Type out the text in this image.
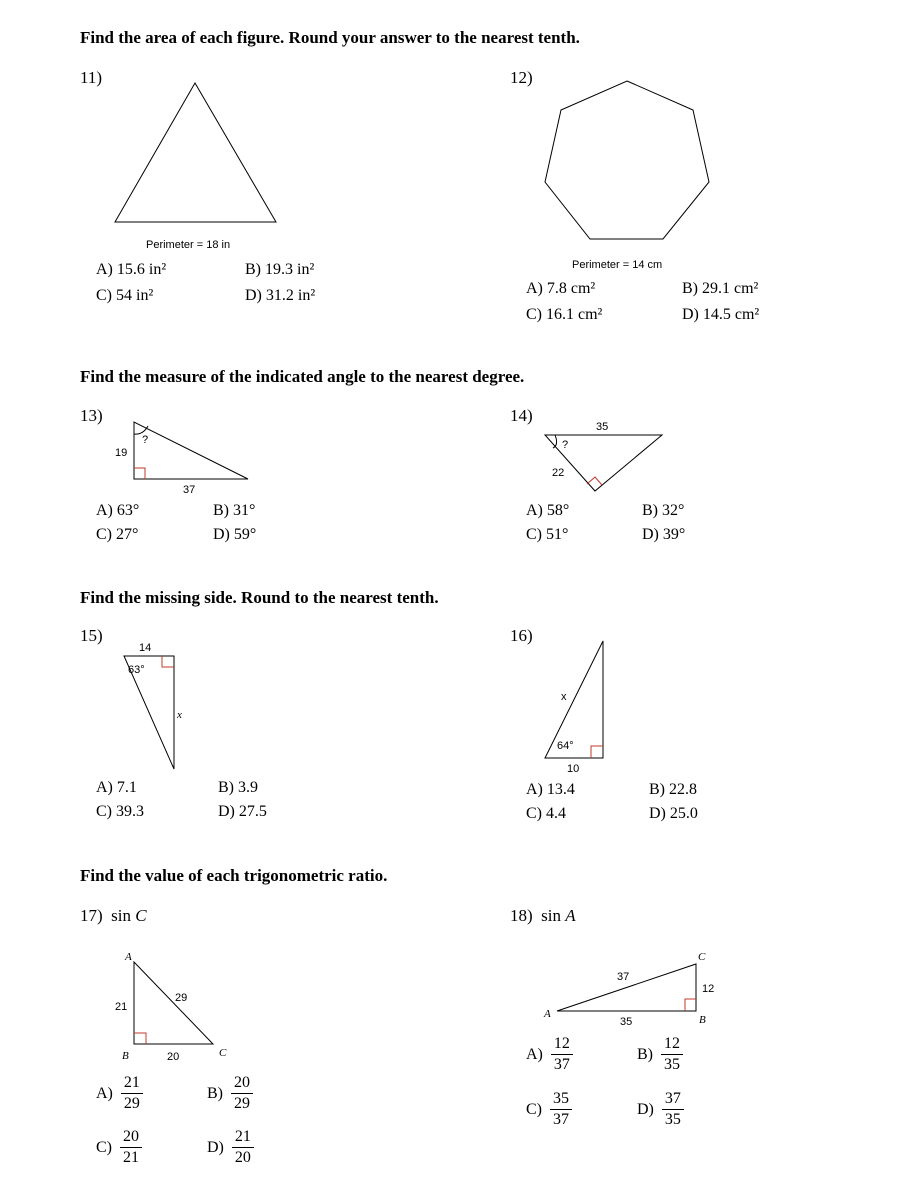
Find the area of each figure. Round your answer to the nearest tenth.
11)
Perimeter = 18 in
A) 15.6 in²	B) 19.3 in²
C) 54 in²	D) 31.2 in²
12)
Perimeter = 14 cm
A) 7.8 cm²	B) 29.1 cm²
C) 16.1 cm²	D) 14.5 cm²
Find the measure of the indicated angle to the nearest degree.
13)
?
19
37
A) 63°	B) 31°
C) 27°	D) 59°
14)
?
35
22
A) 58°	B) 32°
C) 51°	D) 39°
Find the missing side. Round to the nearest tenth.
15)
14
63°
x
A) 7.1	B) 3.9
C) 39.3	D) 27.5
16)
x
64°
10
A) 13.4	B) 22.8
C) 4.4	D) 25.0
Find the value of each trigonometric ratio.
17) sin C
A
B	C
21
20
29
A)
21
29
B)
20
29
C)
20
21
D)
21
20
18) sin A
A	B
C
37
35
12
A)
12
37
B)
12
35
C)
35
37
D)
37
35
